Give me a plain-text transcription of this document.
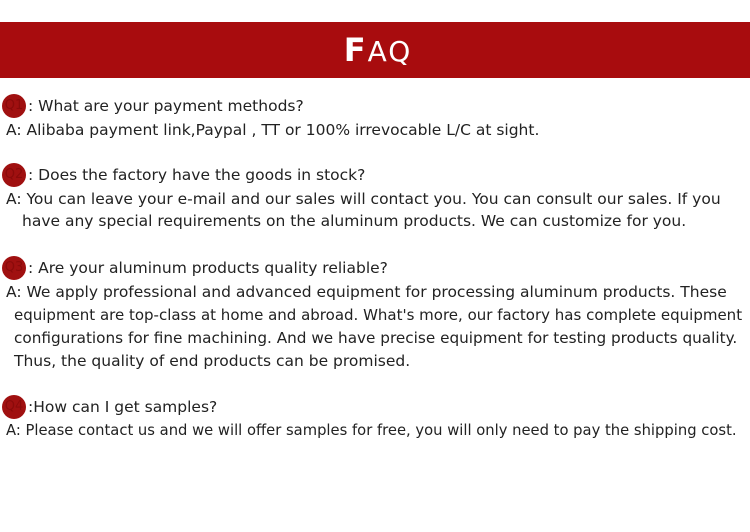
FAQ
Q1 : What are your payment methods?
A: Alibaba payment link,Paypal , TT or 100% irrevocable L/C at sight.
Q2 : Does the factory have the goods in stock?
A: You can leave your e-mail and our sales will contact you. You can consult our sales. If you
have any special requirements on the aluminum products. We can customize for you.
Q3 : Are your aluminum products quality reliable?
A: We apply professional and advanced equipment for processing aluminum products. These
equipment are top-class at home and abroad. What's more, our factory has complete equipment
configurations for fine machining. And we have precise equipment for testing products quality.
Thus, the quality of end products can be promised.
Q4 :How can I get samples?
A: Please contact us and we will offer samples for free, you will only need to pay the shipping cost.
